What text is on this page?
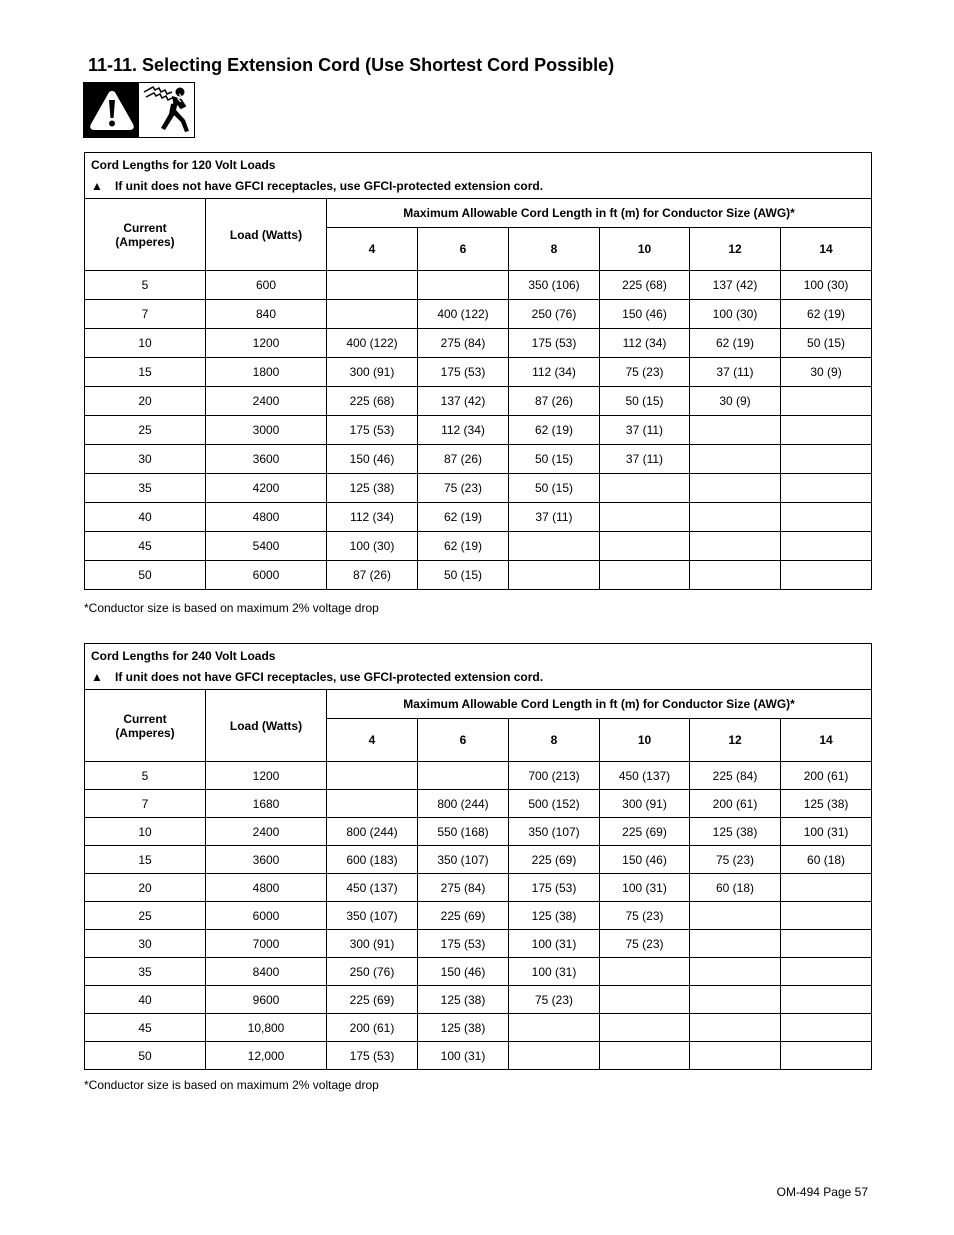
11-11. Selecting Extension Cord (Use Shortest Cord Possible)
Cord Lengths for 120 Volt Loads
▲ If unit does not have GFCI receptacles, use GFCI-protected extension cord.							

Current
(Amperes)	Load (Watts)	Maximum Allowable Cord Length in ft (m) for Conductor Size (AWG)*					
		4	6	8	10	12	14
5	600			350 (106)	225 (68)	137 (42)	100 (30)
7	840		400 (122)	250 (76)	150 (46)	100 (30)	62 (19)
10	1200	400 (122)	275 (84)	175 (53)	112 (34)	62 (19)	50 (15)
15	1800	300 (91)	175 (53)	112 (34)	75 (23)	37 (11)	30 (9)
20	2400	225 (68)	137 (42)	87 (26)	50 (15)	30 (9)	
25	3000	175 (53)	112 (34)	62 (19)	37 (11)		
30	3600	150 (46)	87 (26)	50 (15)	37 (11)		
35	4200	125 (38)	75 (23)	50 (15)			
40	4800	112 (34)	62 (19)	37 (11)			
45	5400	100 (30)	62 (19)				
50	6000	87 (26)	50 (15)				
*Conductor size is based on maximum 2% voltage drop
Cord Lengths for 240 Volt Loads
▲ If unit does not have GFCI receptacles, use GFCI-protected extension cord.							

Current
(Amperes)	Load (Watts)	Maximum Allowable Cord Length in ft (m) for Conductor Size (AWG)*					
		4	6	8	10	12	14
5	1200			700 (213)	450 (137)	225 (84)	200 (61)
7	1680		800 (244)	500 (152)	300 (91)	200 (61)	125 (38)
10	2400	800 (244)	550 (168)	350 (107)	225 (69)	125 (38)	100 (31)
15	3600	600 (183)	350 (107)	225 (69)	150 (46)	75 (23)	60 (18)
20	4800	450 (137)	275 (84)	175 (53)	100 (31)	60 (18)	
25	6000	350 (107)	225 (69)	125 (38)	75 (23)		
30	7000	300 (91)	175 (53)	100 (31)	75 (23)		
35	8400	250 (76)	150 (46)	100 (31)			
40	9600	225 (69)	125 (38)	75 (23)			
45	10,800	200 (61)	125 (38)				
50	12,000	175 (53)	100 (31)				
*Conductor size is based on maximum 2% voltage drop
OM-494 Page 57
